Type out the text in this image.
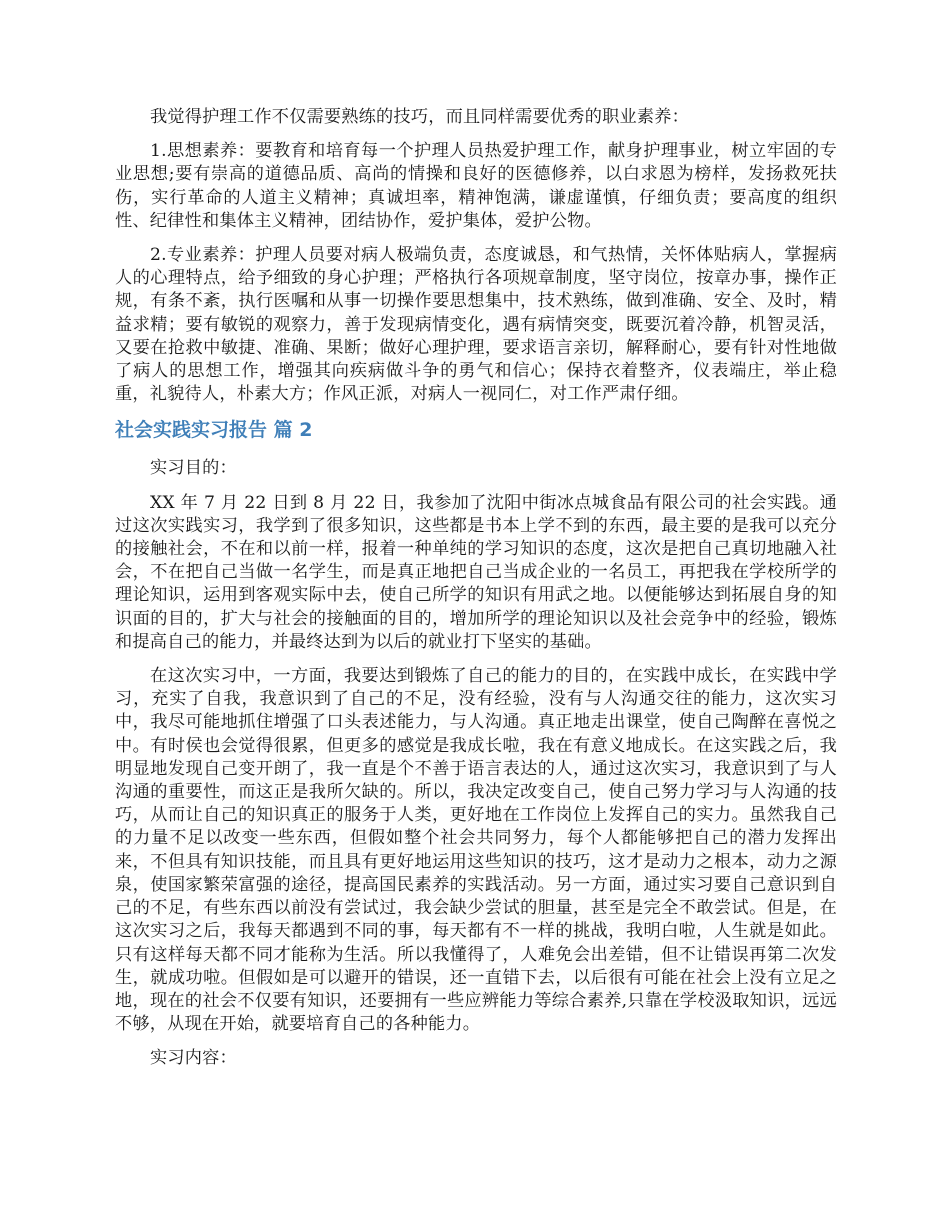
我觉得护理工作不仅需要熟练的技巧，而且同样需要优秀的职业素养：

1.思想素养：要教育和培育每一个护理人员热爱护理工作，献身护理事业，树立牢固的专业思想;要有崇高的道德品质、高尚的情操和良好的医德修养，以白求恩为榜样，发扬救死扶伤，实行革命的人道主义精神；真诚坦率，精神饱满，谦虚谨慎，仔细负责；要高度的组织性、纪律性和集体主义精神，团结协作，爱护集体，爱护公物。

2.专业素养：护理人员要对病人极端负责，态度诚恳，和气热情，关怀体贴病人，掌握病人的心理特点，给予细致的身心护理；严格执行各项规章制度，坚守岗位，按章办事，操作正规，有条不紊，执行医嘱和从事一切操作要思想集中，技术熟练，做到准确、安全、及时，精益求精；要有敏锐的观察力，善于发现病情变化，遇有病情突变，既要沉着冷静，机智灵活，又要在抢救中敏捷、准确、果断；做好心理护理，要求语言亲切，解释耐心，要有针对性地做了病人的思想工作，增强其向疾病做斗争的勇气和信心；保持衣着整齐，仪表端庄，举止稳重，礼貌待人，朴素大方；作风正派，对病人一视同仁，对工作严肃仔细。

社会实践实习报告 篇 2

实习目的：

XX 年 7 月 22 日到 8 月 22 日，我参加了沈阳中街冰点城食品有限公司的社会实践。通过这次实践实习，我学到了很多知识，这些都是书本上学不到的东西，最主要的是我可以充分的接触社会，不在和以前一样，报着一种单纯的学习知识的态度，这次是把自己真切地融入社会，不在把自己当做一名学生，而是真正地把自己当成企业的一名员工，再把我在学校所学的理论知识，运用到客观实际中去，使自己所学的知识有用武之地。以便能够达到拓展自身的知识面的目的，扩大与社会的接触面的目的，增加所学的理论知识以及社会竞争中的经验，锻炼和提高自己的能力，并最终达到为以后的就业打下坚实的基础。

在这次实习中，一方面，我要达到锻炼了自己的能力的目的，在实践中成长，在实践中学习，充实了自我，我意识到了自己的不足，没有经验，没有与人沟通交往的能力，这次实习中，我尽可能地抓住增强了口头表述能力，与人沟通。真正地走出课堂，使自己陶醉在喜悦之中。有时侯也会觉得很累，但更多的感觉是我成长啦，我在有意义地成长。在这实践之后，我明显地发现自己变开朗了，我一直是个不善于语言表达的人，通过这次实习，我意识到了与人沟通的重要性，而这正是我所欠缺的。所以，我决定改变自己，使自己努力学习与人沟通的技巧，从而让自己的知识真正的服务于人类，更好地在工作岗位上发挥自己的实力。虽然我自己的力量不足以改变一些东西，但假如整个社会共同努力，每个人都能够把自己的潜力发挥出来，不但具有知识技能，而且具有更好地运用这些知识的技巧，这才是动力之根本，动力之源泉，使国家繁荣富强的途径，提高国民素养的实践活动。另一方面，通过实习要自己意识到自己的不足，有些东西以前没有尝试过，我会缺少尝试的胆量，甚至是完全不敢尝试。但是，在这次实习之后，我每天都遇到不同的事，每天都有不一样的挑战，我明白啦，人生就是如此。只有这样每天都不同才能称为生活。所以我懂得了，人难免会出差错，但不让错误再第二次发生，就成功啦。但假如是可以避开的错误，还一直错下去，以后很有可能在社会上没有立足之地，现在的社会不仅要有知识，还要拥有一些应辨能力等综合素养,只靠在学校汲取知识，远远不够，从现在开始，就要培育自己的各种能力。

实习内容：
